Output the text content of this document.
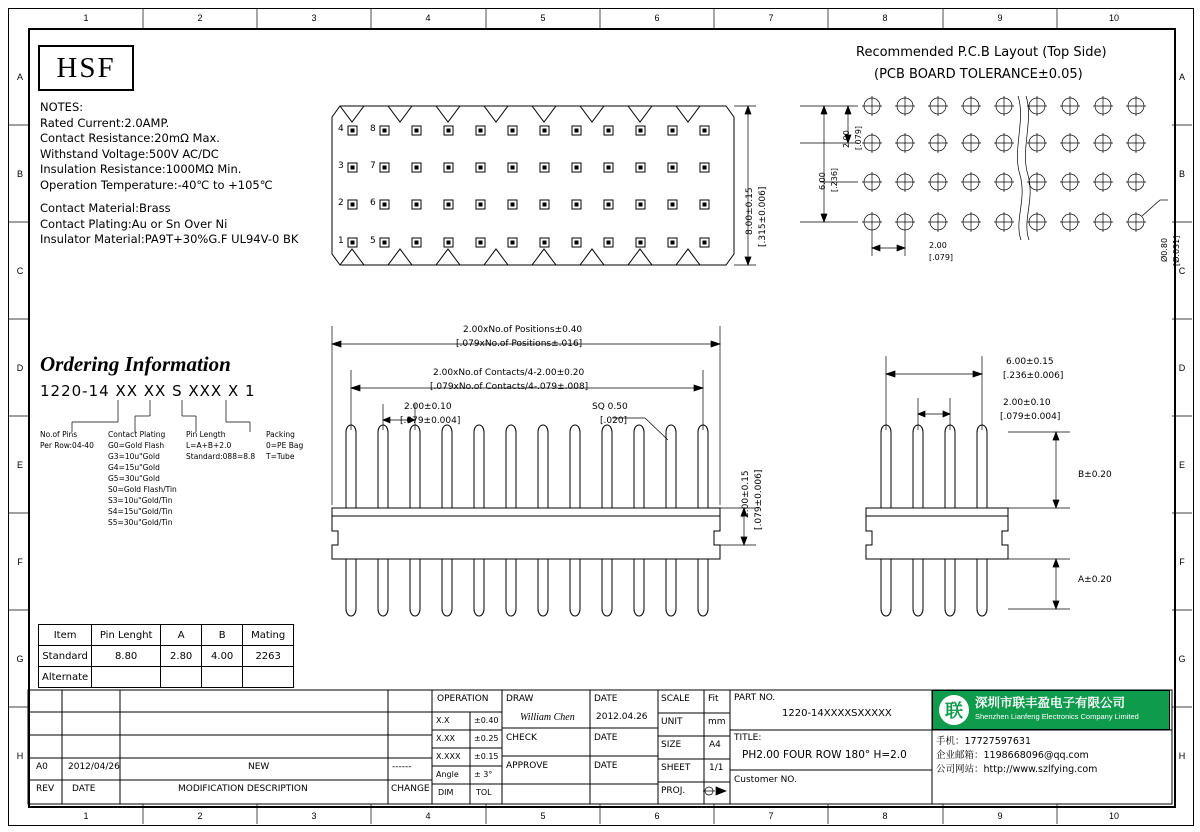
1	2	3	4	5	6	7	8	9	10
1	2	3	4	5	6	7	8	9	10
A
B
C
D
E
F
G
H
A
B
C
D
E
F
G
H
HSF
NOTES:
Rated Current:2.0AMP.
Contact Resistance:20mΩ Max.
Withstand Voltage:500V AC/DC
Insulation Resistance:1000MΩ Min.
Operation Temperature:-40℃ to +105℃
Contact Material:Brass
Contact Plating:Au or Sn Over Ni
Insulator Material:PA9T+30%G.F UL94V-0 BK
Ordering Information
1220-14 XX XX S XXX X 1
No.of Pins
Per Row:04-40
Contact Plating
G0=Gold Flash
G3=10u"Gold
G4=15u"Gold
G5=30u"Gold
S0=Gold Flash/Tin
S3=10u"Gold/Tin
S4=15u"Gold/Tin
S5=30u"Gold/Tin
Pin Length
L=A+B+2.0
Standard:088=8.8
Packing
0=PE Bag
T=Tube
Item	Pin Lenght	A	B	Mating
Standard	8.80	2.80	4.00	2263
Alternate				
4
3
2
1
8
7
6
5
8.00±0.15 [.315±0.006]
Recommended P.C.B Layout (Top Side)
(PCB BOARD TOLERANCE±0.05)
6.00 [.236]
2.00 [.079]
2.00
[.079]	Ø0.80 [Ø.031]
2.00xNo.of Positions±0.40
[.079xNo.of Positions±.016]
2.00xNo.of Contacts/4-2.00±0.20
[.079xNo.of Contacts/4-.079±.008]
2.00±0.10
[.079±0.004]
SQ 0.50
[.020]
2.00±0.15 [.079±0.006]
6.00±0.15
[.236±0.006]
2.00±0.10
[.079±0.004]
B±0.20
A±0.20
A0 2012/04/26	NEW	------
REV DATE	MODIFICATION DESCRIPTION	CHANGE
OPERATION
X.X	±0.40
X.XX ±0.25
X.XXX ±0.15
Angle ± 3°
DIM	TOL
DRAW
William Chen
DATE
2012.04.26
CHECK	DATE
APPROVE	DATE
SCALE Fit
UNIT	mm
SIZE	A4
SHEET 1/1
PROJ.
PART NO.
1220-14XXXXSXXXXX
TITLE:
PH2.00 FOUR ROW 180° H=2.0
Customer NO.
联 深圳市联丰盈电子有限公司
Shenzhen Lianfeng Electronics Company Limited
手机：17727597631
企业邮箱：1198668096@qq.com
公司网站：http://www.szlfying.com
